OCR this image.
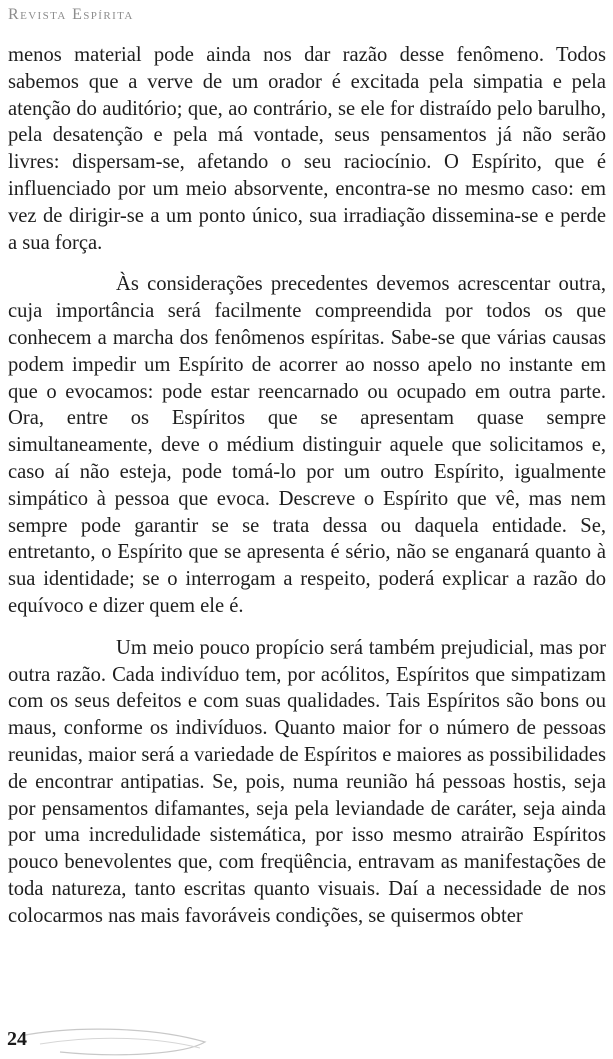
Revista Espírita

menos material pode ainda nos dar razão desse fenômeno. Todos sabemos que a verve de um orador é excitada pela simpatia e pela atenção do auditório; que, ao contrário, se ele for distraído pelo barulho, pela desatenção e pela má vontade, seus pensamentos já não serão livres: dispersam-se, afetando o seu raciocínio. O Espírito, que é influenciado por um meio absorvente, encontra-se no mesmo caso: em vez de dirigir-se a um ponto único, sua irradiação dissemina-se e perde a sua força.

Às considerações precedentes devemos acrescentar outra, cuja importância será facilmente compreendida por todos os que conhecem a marcha dos fenômenos espíritas. Sabe-se que várias causas podem impedir um Espírito de acorrer ao nosso apelo no instante em que o evocamos: pode estar reencarnado ou ocupado em outra parte. Ora, entre os Espíritos que se apresentam quase sempre simultaneamente, deve o médium distinguir aquele que solicitamos e, caso aí não esteja, pode tomá-lo por um outro Espírito, igualmente simpático à pessoa que evoca. Descreve o Espírito que vê, mas nem sempre pode garantir se se trata dessa ou daquela entidade. Se, entretanto, o Espírito que se apresenta é sério, não se enganará quanto à sua identidade; se o interrogam a respeito, poderá explicar a razão do equívoco e dizer quem ele é.

Um meio pouco propício será também prejudicial, mas por outra razão. Cada indivíduo tem, por acólitos, Espíritos que simpatizam com os seus defeitos e com suas qualidades. Tais Espíritos são bons ou maus, conforme os indivíduos. Quanto maior for o número de pessoas reunidas, maior será a variedade de Espíritos e maiores as possibilidades de encontrar antipatias. Se, pois, numa reunião há pessoas hostis, seja por pensamentos difamantes, seja pela leviandade de caráter, seja ainda por uma incredulidade sistemática, por isso mesmo atrairão Espíritos pouco benevolentes que, com freqüência, entravam as manifestações de toda natureza, tanto escritas quanto visuais. Daí a necessidade de nos colocarmos nas mais favoráveis condições, se quisermos obter

24
